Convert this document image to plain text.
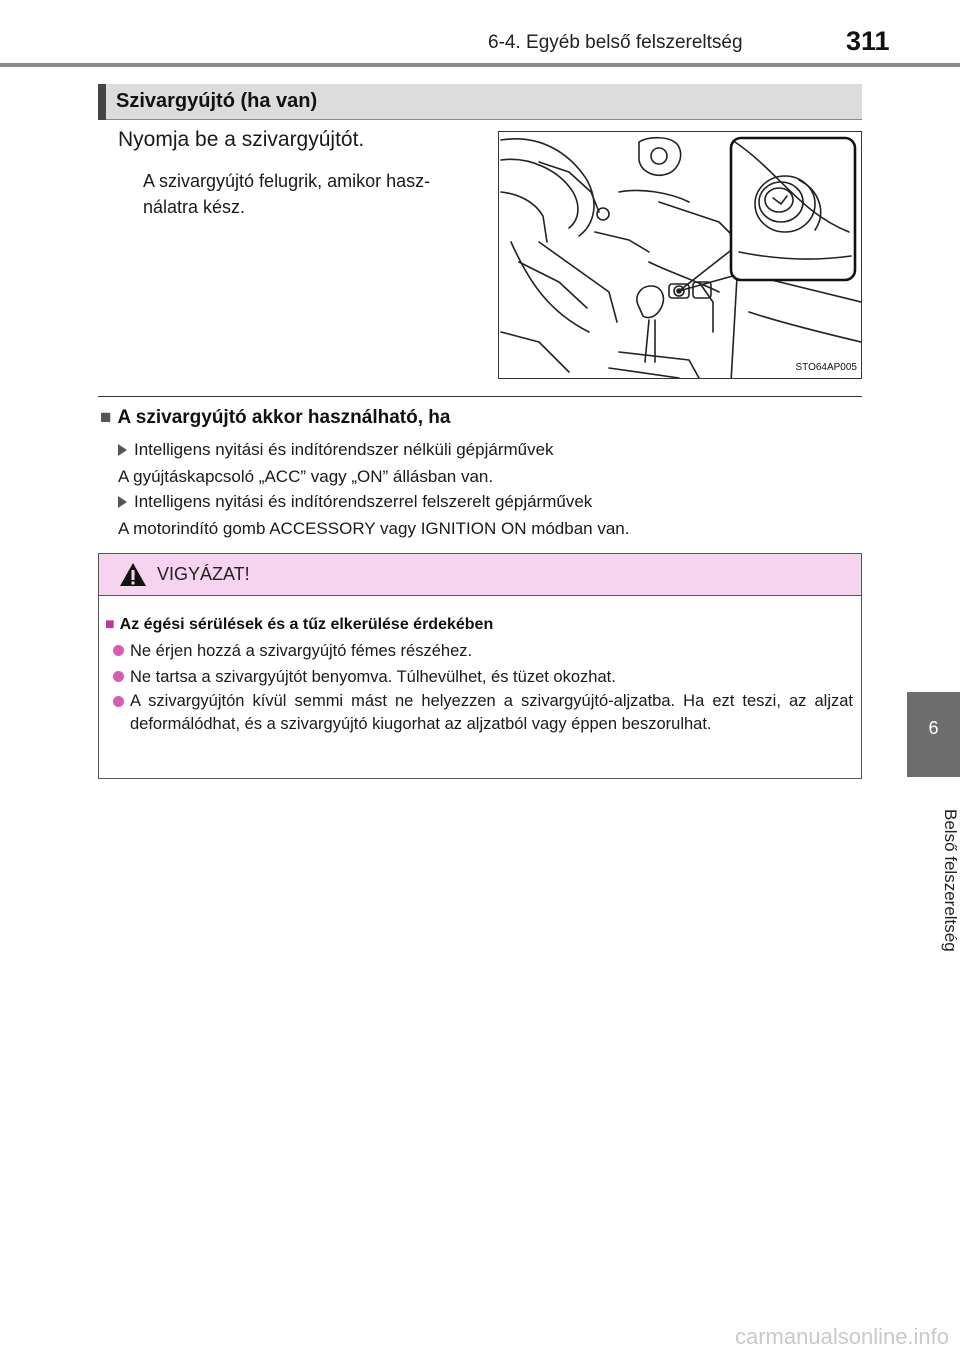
6-4. Egyéb belső felszereltség	311
6
Belső felszereltség
Szivargyújtó (ha van)
Nyomja be a szivargyújtót.
A szivargyújtó felugrik, amikor hasz-
nálatra kész.
STO64AP005
■ A szivargyújtó akkor használható, ha
Intelligens nyitási és indítórendszer nélküli gépjárművek
A gyújtáskapcsoló „ACC” vagy „ON” állásban van.
Intelligens nyitási és indítórendszerrel felszerelt gépjárművek
A motorindító gomb ACCESSORY vagy IGNITION ON módban van.
VIGYÁZAT!
■ Az égési sérülések és a tűz elkerülése érdekében
Ne érjen hozzá a szivargyújtó fémes részéhez.
Ne tartsa a szivargyújtót benyomva. Túlhevülhet, és tüzet okozhat.
A szivargyújtón kívül semmi mást ne helyezzen a szivargyújtó-aljzatba. Ha ezt teszi, az aljzat deformálódhat, és a szivargyújtó kiugorhat az aljzatból vagy éppen beszorulhat.
carmanualsonline.info
